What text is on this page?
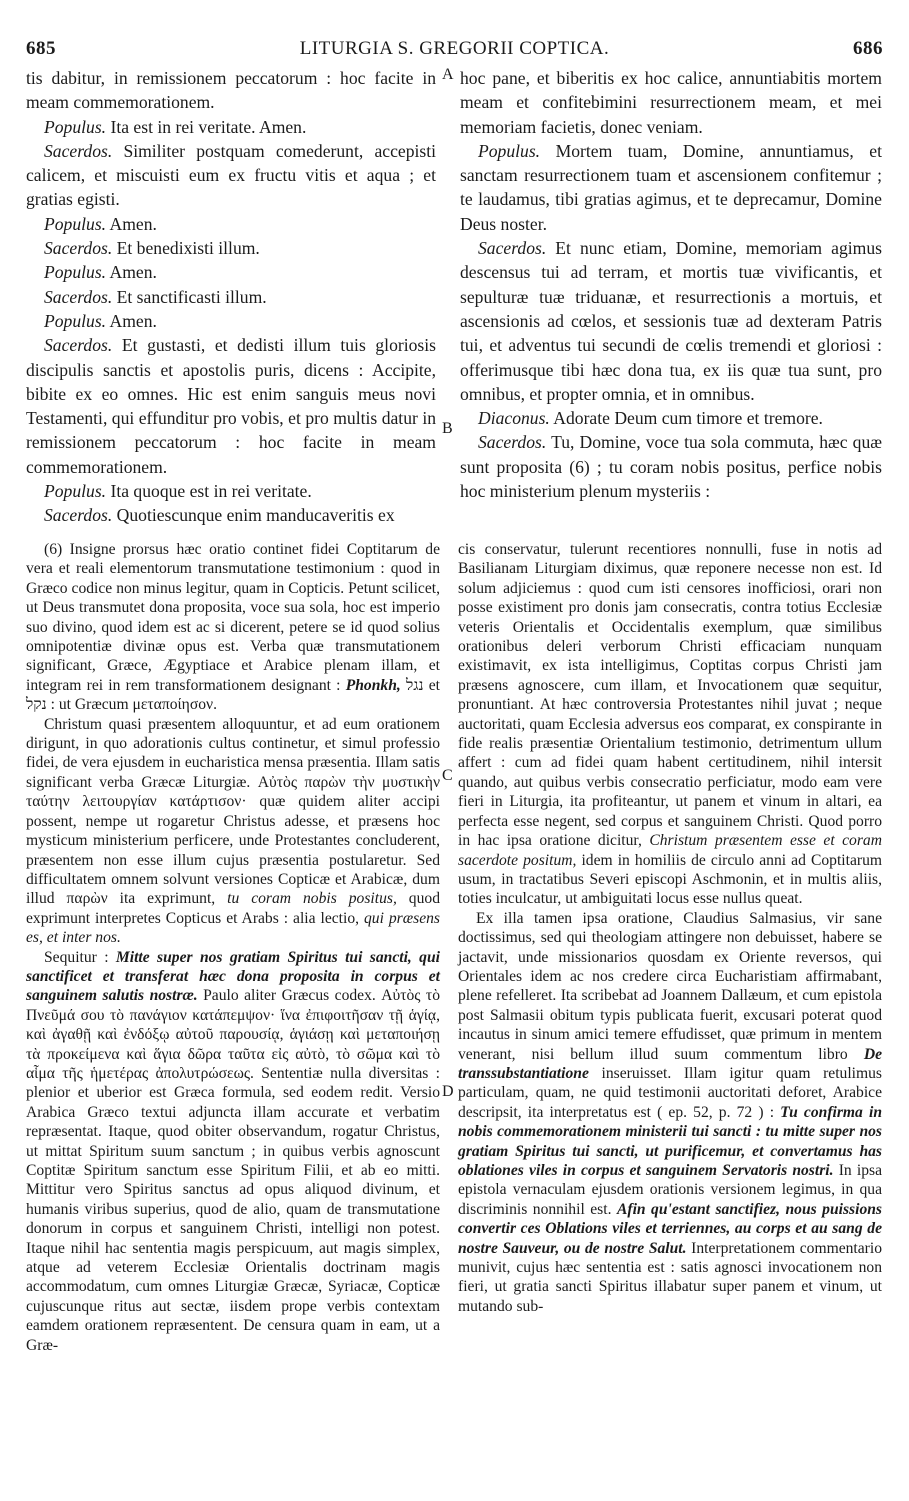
685	LITURGIA S. GREGORII COPTICA.	686

tis dabitur, in remissionem peccatorum : hoc facite in meam commemorationem.

Populus. Ita est in rei veritate. Amen.

Sacerdos. Similiter postquam comederunt, accepisti calicem, et miscuisti eum ex fructu vitis et aqua ; et gratias egisti.

Populus. Amen.

Sacerdos. Et benedixisti illum.

Populus. Amen.

Sacerdos. Et sanctificasti illum.

Populus. Amen.

Sacerdos. Et gustasti, et dedisti illum tuis gloriosis discipulis sanctis et apostolis puris, dicens : Accipite, bibite ex eo omnes. Hic est enim sanguis meus novi Testamenti, qui effunditur pro vobis, et pro multis datur in remissionem peccatorum : hoc facite in meam commemorationem.

Populus. Ita quoque est in rei veritate.

Sacerdos. Quotiescunque enim manducaveritis ex

hoc pane, et biberitis ex hoc calice, annuntiabitis mortem meam et confitebimini resurrectionem meam, et mei memoriam facietis, donec veniam.

Populus. Mortem tuam, Domine, annuntiamus, et sanctam resurrectionem tuam et ascensionem confitemur ; te laudamus, tibi gratias agimus, et te deprecamur, Domine Deus noster.

Sacerdos. Et nunc etiam, Domine, memoriam agimus descensus tui ad terram, et mortis tuæ vivificantis, et sepulturæ tuæ triduanæ, et resurrectionis a mortuis, et ascensionis ad cœlos, et sessionis tuæ ad dexteram Patris tui, et adventus tui secundi de cœlis tremendi et gloriosi : offerimusque tibi hæc dona tua, ex iis quæ tua sunt, pro omnibus, et propter omnia, et in omnibus.

Diaconus. Adorate Deum cum timore et tremore.

Sacerdos. Tu, Domine, voce tua sola commuta, hæc quæ sunt proposita (6) ; tu coram nobis positus, perfice nobis hoc ministerium plenum mysteriis :

A
B
C
D

(6) Insigne prorsus hæc oratio continet fidei Coptitarum de vera et reali elementorum transmutatione testimonium : quod in Græco codice non minus legitur, quam in Copticis. Petunt scilicet, ut Deus transmutet dona proposita, voce sua sola, hoc est imperio suo divino, quod idem est ac si dicerent, petere se id quod solius omnipotentiæ divinæ opus est. Verba quæ transmutationem significant, Græce, Ægyptiace et Arabice plenam illam, et integram rei in rem transformationem designant : Phonkh, נגל et נקל : ut Græcum μεταποίησον.

Christum quasi præsentem alloquuntur, et ad eum orationem dirigunt, in quo adorationis cultus continetur, et simul professio fidei, de vera ejusdem in eucharistica mensa præsentia. Illam satis significant verba Græcæ Liturgiæ. Αὐτὸς παρὼν τὴν μυστικὴν ταύτην λειτουργίαν κατάρτισον· quæ quidem aliter accipi possent, nempe ut rogaretur Christus adesse, et præsens hoc mysticum ministerium perficere, unde Protestantes concluderent, præsentem non esse illum cujus præsentia postularetur. Sed difficultatem omnem solvunt versiones Copticæ et Arabicæ, dum illud παρὼν ita exprimunt, tu coram nobis positus, quod exprimunt interpretes Copticus et Arabs : alia lectio, qui præsens es, et inter nos.

Sequitur : Mitte super nos gratiam Spiritus tui sancti, qui sanctificet et transferat hæc dona proposita in corpus et sanguinem salutis nostræ. Paulo aliter Græcus codex. Αὐτὸς τὸ Πνεῦμά σου τὸ πανάγιον κατάπεμψον· ἵνα ἐπιφοιτῆσαν τῇ ἁγίᾳ, καὶ ἀγαθῇ καὶ ἐνδόξῳ αὐτοῦ παρουσίᾳ, ἁγιάσῃ καὶ μεταποιήσῃ τὰ προκείμενα καὶ ἅγια δῶρα ταῦτα εἰς αὐτὸ, τὸ σῶμα καὶ τὸ αἷμα τῆς ἡμετέρας ἀπολυτρώσεως. Sententiæ nulla diversitas : plenior et uberior est Græca formula, sed eodem redit. Versio Arabica Græco textui adjuncta illam accurate et verbatim repræsentat. Itaque, quod obiter observandum, rogatur Christus, ut mittat Spiritum suum sanctum ; in quibus verbis agnoscunt Coptitæ Spiritum sanctum esse Spiritum Filii, et ab eo mitti. Mittitur vero Spiritus sanctus ad opus aliquod divinum, et humanis viribus superius, quod de alio, quam de transmutatione donorum in corpus et sanguinem Christi, intelligi non potest. Itaque nihil hac sententia magis perspicuum, aut magis simplex, atque ad veterem Ecclesiæ Orientalis doctrinam magis accommodatum, cum omnes Liturgiæ Græcæ, Syriacæ, Copticæ cujuscunque ritus aut sectæ, iisdem prope verbis contextam eamdem orationem repræsentent. De censura quam in eam, ut a Græ-

cis conservatur, tulerunt recentiores nonnulli, fuse in notis ad Basilianam Liturgiam diximus, quæ reponere necesse non est. Id solum adjiciemus : quod cum isti censores inofficiosi, orari non posse existiment pro donis jam consecratis, contra totius Ecclesiæ veteris Orientalis et Occidentalis exemplum, quæ similibus orationibus deleri verborum Christi efficaciam nunquam existimavit, ex ista intelligimus, Coptitas corpus Christi jam præsens agnoscere, cum illam, et Invocationem quæ sequitur, pronuntiant. At hæc controversia Protestantes nihil juvat ; neque auctoritati, quam Ecclesia adversus eos comparat, ex conspirante in fide realis præsentiæ Orientalium testimonio, detrimentum ullum affert : cum ad fidei quam habent certitudinem, nihil intersit quando, aut quibus verbis consecratio perficiatur, modo eam vere fieri in Liturgia, ita profiteantur, ut panem et vinum in altari, ea perfecta esse negent, sed corpus et sanguinem Christi. Quod porro in hac ipsa oratione dicitur, Christum præsentem esse et coram sacerdote positum, idem in homiliis de circulo anni ad Coptitarum usum, in tractatibus Severi episcopi Aschmonin, et in multis aliis, toties inculcatur, ut ambiguitati locus esse nullus queat.

Ex illa tamen ipsa oratione, Claudius Salmasius, vir sane doctissimus, sed qui theologiam attingere non debuisset, habere se jactavit, unde missionarios quosdam ex Oriente reversos, qui Orientales idem ac nos credere circa Eucharistiam affirmabant, plene refelleret. Ita scribebat ad Joannem Dallæum, et cum epistola post Salmasii obitum typis publicata fuerit, excusari poterat quod incautus in sinum amici temere effudisset, quæ primum in mentem venerant, nisi bellum illud suum commentum libro De transsubstantiatione inseruisset. Illam igitur quam retulimus particulam, quam, ne quid testimonii auctoritati deforet, Arabice descripsit, ita interpretatus est ( ep. 52, p. 72 ) : Tu confirma in nobis commemorationem ministerii tui sancti : tu mitte super nos gratiam Spiritus tui sancti, ut purificemur, et convertamus has oblationes viles in corpus et sanguinem Servatoris nostri. In ipsa epistola vernaculam ejusdem orationis versionem legimus, in qua discriminis nonnihil est. Afin qu'estant sanctifiez, nous puissions convertir ces Oblations viles et terriennes, au corps et au sang de nostre Sauveur, ou de nostre Salut. Interpretationem commentario munivit, cujus hæc sententia est : satis agnosci invocationem non fieri, ut gratia sancti Spiritus illabatur super panem et vinum, ut mutando sub-
